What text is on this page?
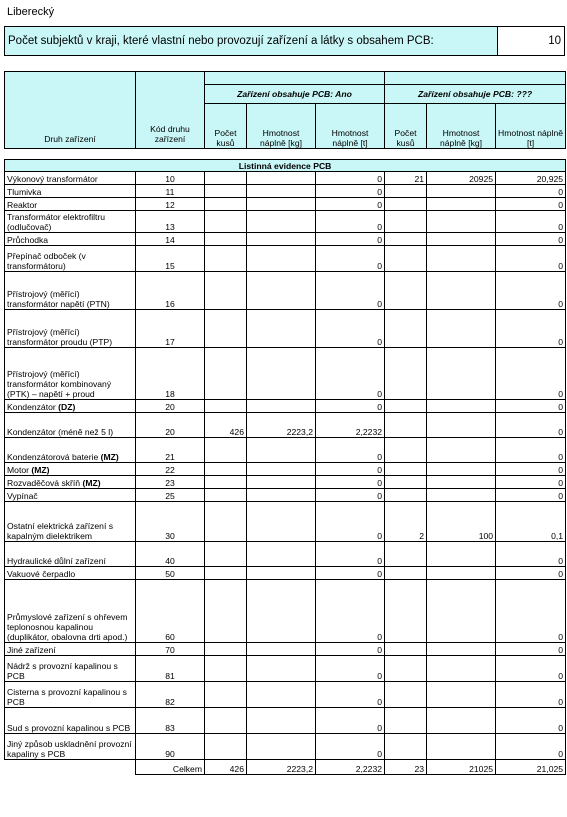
Liberecký
Počet subjektů v kraji, které vlastní nebo provozují zařízení a látky s obsahem PCB:	10
Druh zařízení	Kód druhu zařízení						
		Zařízení obsahuje PCB: Ano			Zařízení obsahuje PCB: ???		
		Počet kusů	Hmotnost náplně [kg]	Hmotnost náplně [t]	Počet kusů	Hmotnost náplně [kg]	Hmotnost náplně [t]

Listinná evidence PCB							
Výkonový transformátor	10			0	21	20925	20,925
Tlumivka	11			0			0
Reaktor	12			0			0
Transformátor elektrofiltru (odlučovač)	13			0			0
Průchodka	14			0			0
Přepínač odboček (v transformátoru)	15			0			0
Přístrojový (měřící) transformátor napětí (PTN)	16			0			0
Přístrojový (měřící) transformátor proudu (PTP)	17			0			0
Přístrojový (měřící) transformátor kombinovaný (PTK) – napětí + proud	18			0			0
Kondenzátor (DZ)	20			0			0
Kondenzátor (méně než 5 l)	20	426	2223,2	2,2232			0
Kondenzátorová baterie (MZ)	21			0			0
Motor (MZ)	22			0			0
Rozvaděčová skříň (MZ)	23			0			0
Vypínač	25			0			0
Ostatní elektrická zařízení s kapalným dielektrikem	30			0	2	100	0,1
Hydraulické důlní zařízení	40			0			0
Vakuové čerpadlo	50			0			0
Průmyslové zařízení s ohřevem teplonosnou kapalinou (duplikátor, obalovna drti apod.)	60			0			0
Jiné zařízení	70			0			0
Nádrž s provozní kapalinou s PCB	81			0			0
Cisterna s provozní kapalinou s PCB	82			0			0
Sud s provozní kapalinou s PCB	83			0			0
Jiný způsob uskladnění provozní kapaliny s PCB	90			0			0
	Celkem	426	2223,2	2,2232	23	21025	21,025
